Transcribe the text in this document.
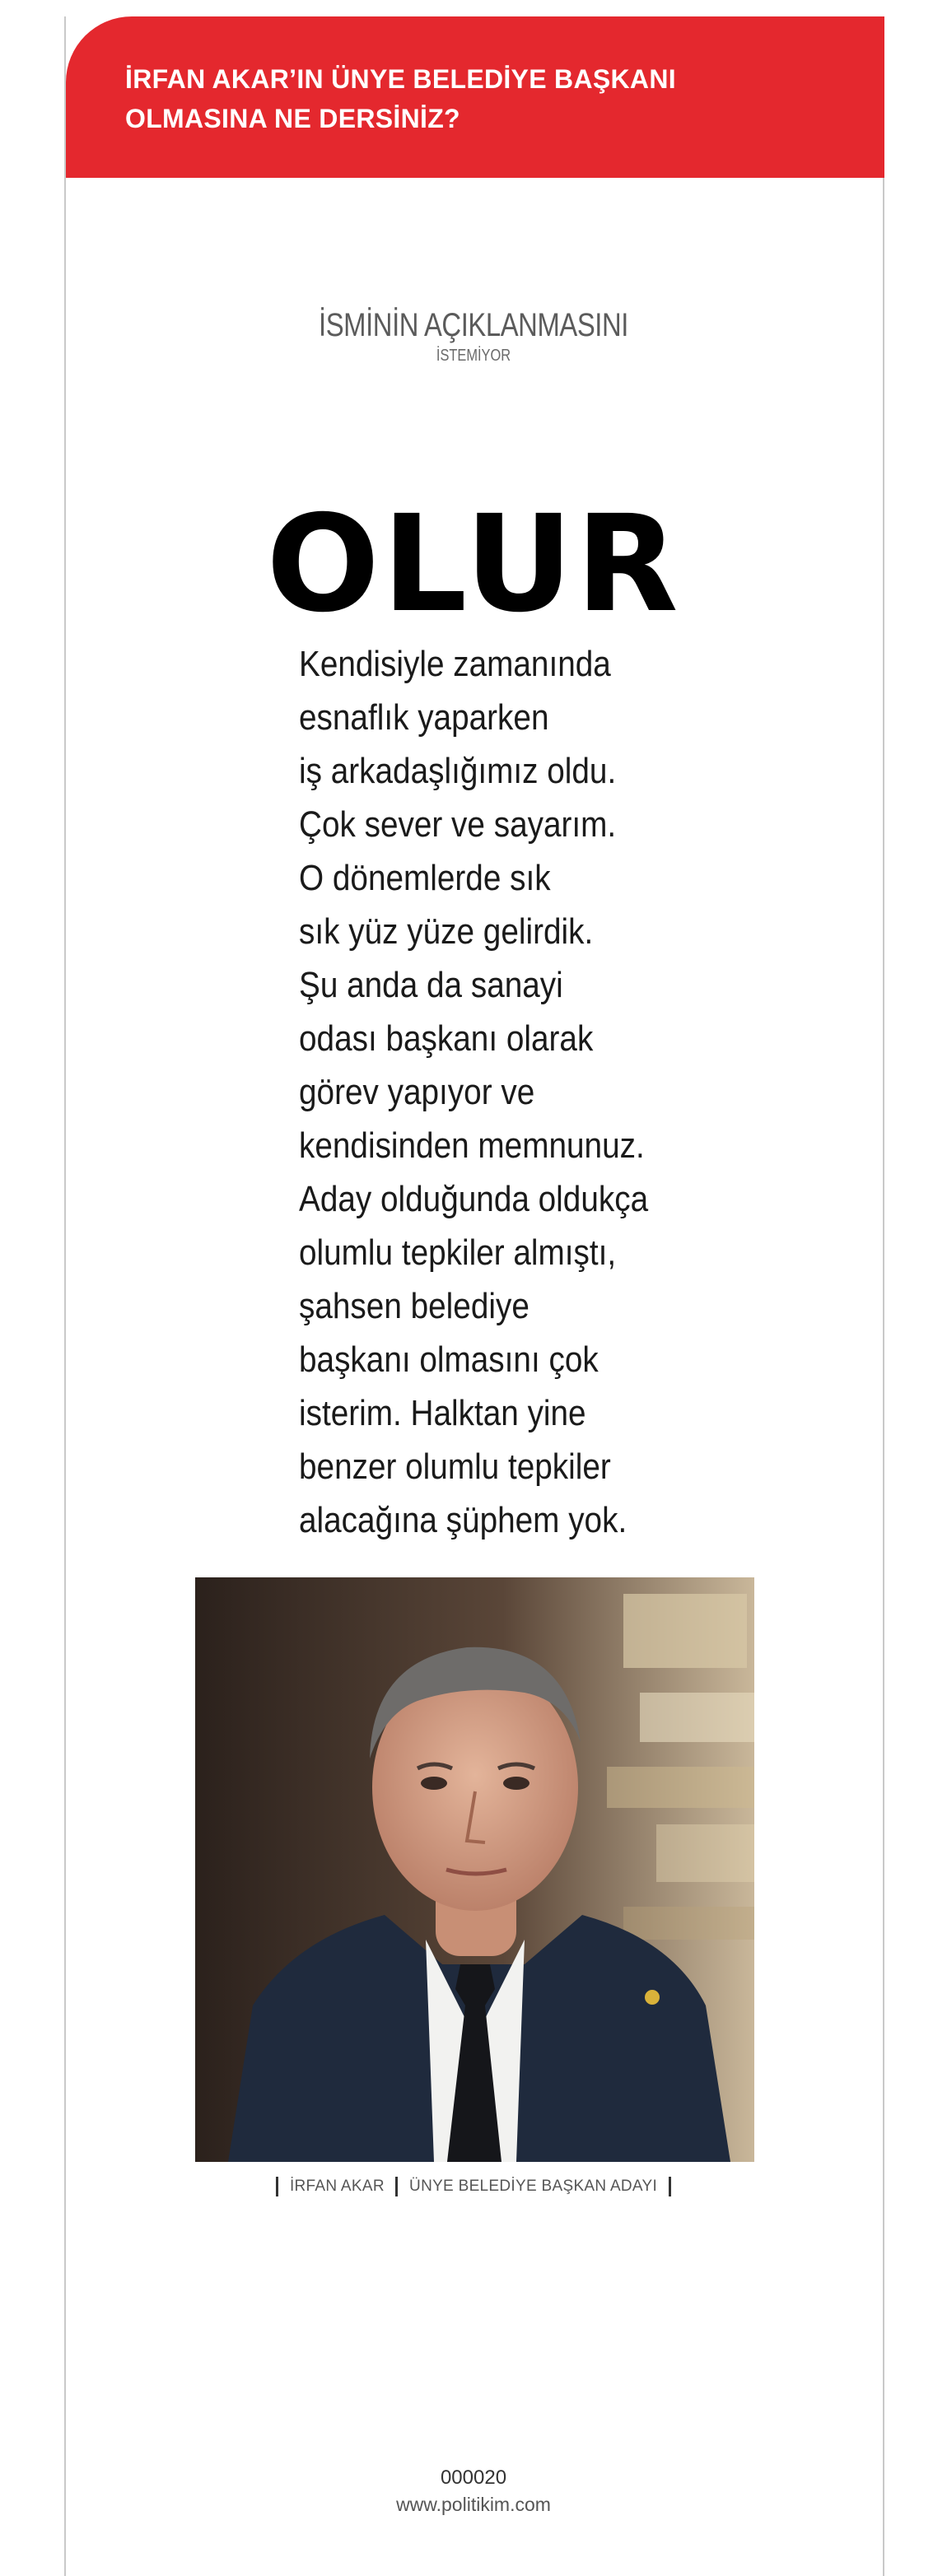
İRFAN AKAR’IN ÜNYE BELEDİYE BAŞKANI
OLMASINA NE DERSİNİZ?
İSMİNİN AÇIKLANMASINI
İSTEMİYOR
OLUR
Kendisiyle zamanında
esnaflık yaparken
iş arkadaşlığımız oldu.
Çok sever ve sayarım.
O dönemlerde sık
sık yüz yüze gelirdik.
Şu anda da sanayi
odası başkanı olarak
görev yapıyor ve
kendisinden memnunuz.
Aday olduğunda oldukça
olumlu tepkiler almıştı,
şahsen belediye
başkanı olmasını çok
isterim. Halktan yine
benzer olumlu tepkiler
alacağına şüphem yok.
İRFAN AKAR ÜNYE BELEDİYE BAŞKAN ADAYI
000020
www.politikim.com
